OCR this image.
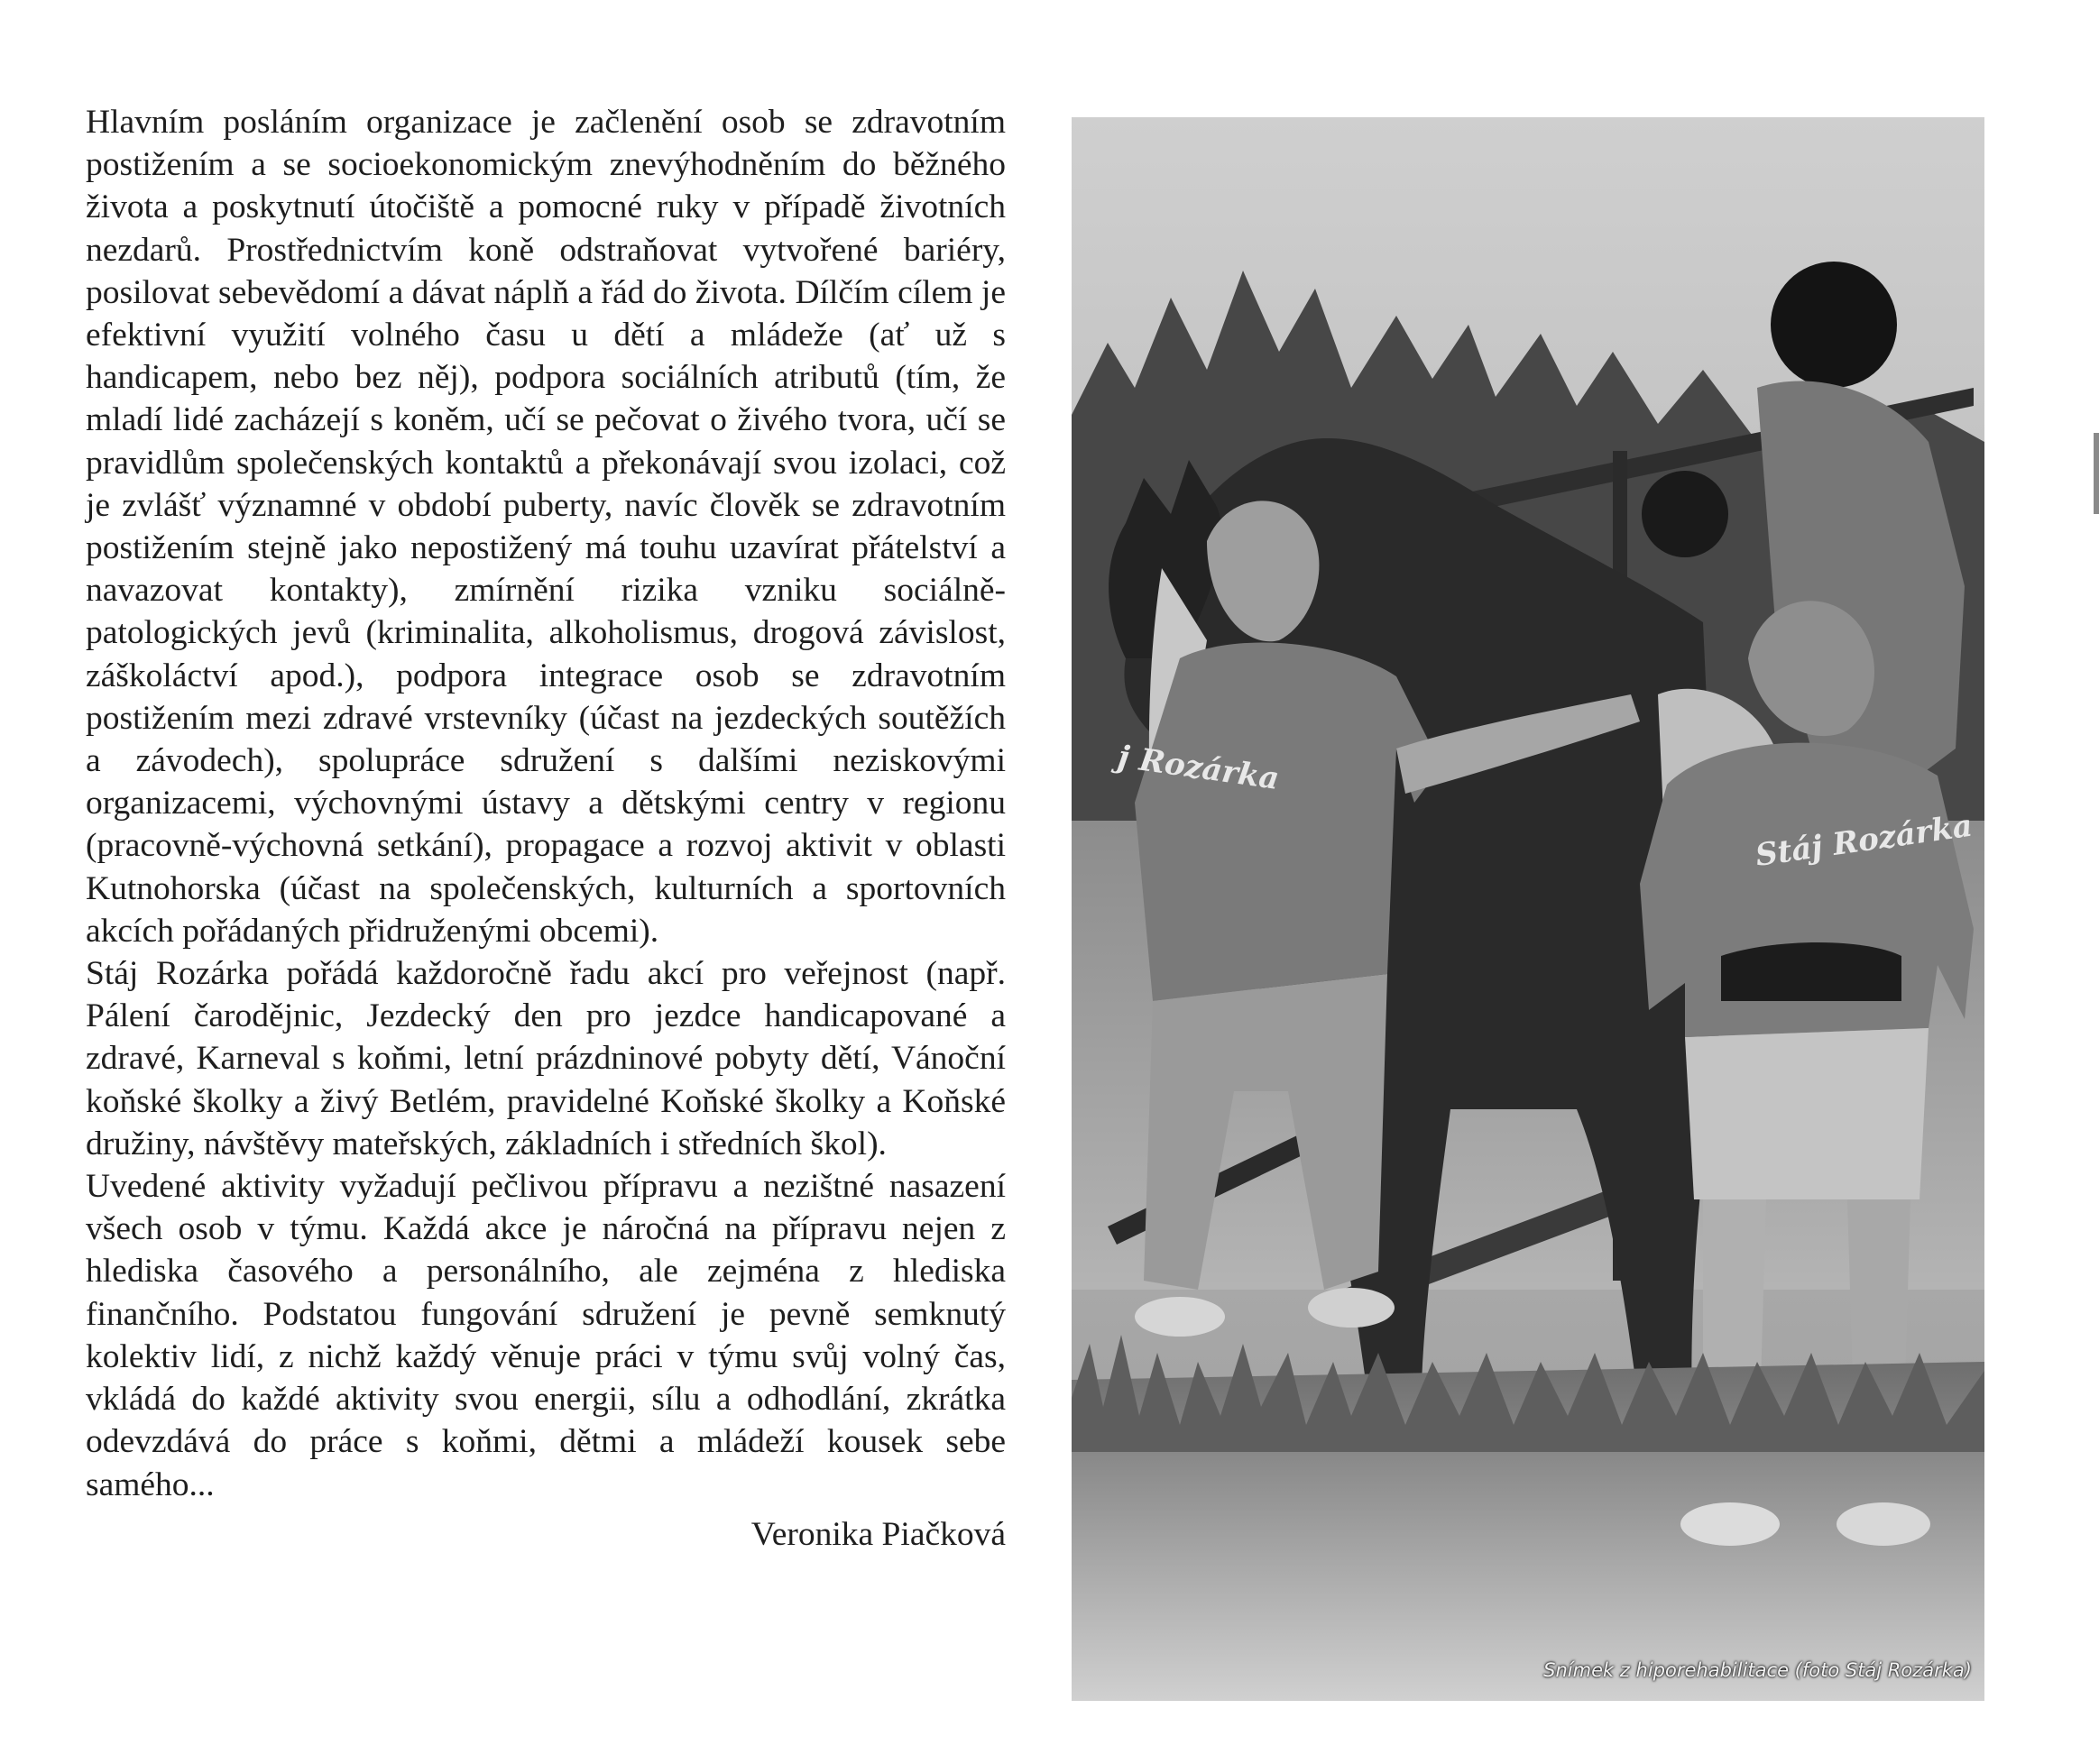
Hlavním posláním organizace je začlenění osob se zdravotním postižením a se socioekonomickým znevýhodněním do běžného života a poskytnutí útočiště a pomocné ruky v případě životních nezdarů. Prostřednictvím koně odstraňovat vytvořené bariéry, posilovat sebevědomí a dávat náplň a řád do života. Dílčím cílem je efektivní využití volného času u dětí a mládeže (ať už s handicapem, nebo bez něj), podpora sociálních atributů (tím, že mladí lidé zacházejí s koněm, učí se pečovat o živého tvora, učí se pravidlům společenských kontaktů a překonávají svou izolaci, což je zvlášť významné v období puberty, navíc člověk se zdravotním postižením stejně jako nepostižený má touhu uzavírat přátelství a navazovat kontakty), zmírnění rizika vzniku sociálně-patologických jevů (kriminalita, alkoholismus, drogová závislost, záškoláctví apod.), podpora integrace osob se zdravotním postižením mezi zdravé vrstevníky (účast na jezdeckých soutěžích a závodech), spolupráce sdružení s dalšími neziskovými organizacemi, výchovnými ústavy a dětskými centry v regionu (pracovně-výchovná setkání), propagace a rozvoj aktivit v oblasti Kutnohorska (účast na společenských, kulturních a sportovních akcích pořádaných přidruženými obcemi).

Stáj Rozárka pořádá každoročně řadu akcí pro veřejnost (např. Pálení čarodějnic, Jezdecký den pro jezdce handicapované a zdravé, Karneval s koňmi, letní prázdninové pobyty dětí, Vánoční koňské školky a živý Betlém, pravidelné Koňské školky a Koňské družiny, návštěvy mateřských, základních i středních škol).

Uvedené aktivity vyžadují pečlivou přípravu a nezištné nasazení všech osob v týmu. Každá akce je náročná na přípravu nejen z hlediska časového a personálního, ale zejména z hlediska finančního. Podstatou fungování sdružení je pevně semknutý kolektiv lidí, z nichž každý věnuje práci v týmu svůj volný čas, vkládá do každé aktivity svou energii, sílu a odhodlání, zkrátka odevzdává do práce s koňmi, dětmi a mládeží kousek sebe samého...

Veronika Piačková

j Rozárka
Stáj Rozárka
Snímek z hiporehabilitace (foto Stáj Rozárka)
